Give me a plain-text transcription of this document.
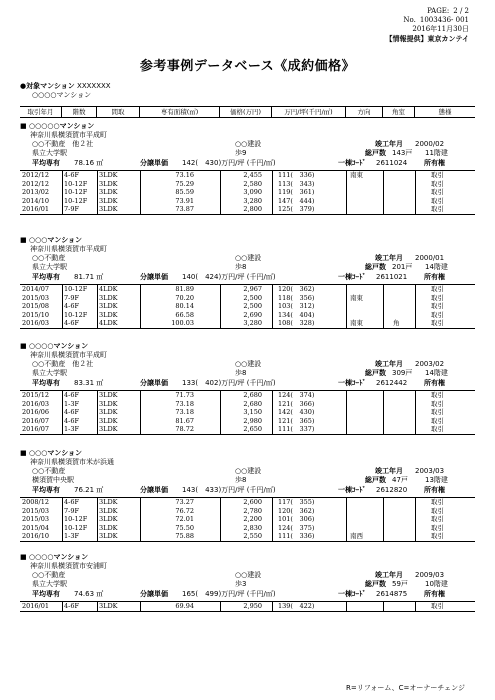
PAGE: 2 / 2
No. 1003436- 001
2016年11月30日
【情報提供】東京カンテイ
参考事例データベース《成約価格》
●対象マンション XXXXXXX
○○○○マンション
取引年月	階数	間取	専有面積(㎡)	価格(万円)	万円/坪(千円/㎡)	方向	角室	態様
■ ○○○○○マンション
神奈川県横須賀市平成町
○○不動産　他２社	○○建設	竣工年月 2000/02
県立大学駅	歩9	総戸数 143戸 11階建
平均専有 78.16 ㎡	分譲単価 142(　430)万円/坪 (千円/㎡)	一棟ｺｰﾄﾞ 2611024 所有権
2012/12 4-6F	3LDK	73.16	2,455 111(　336)	南東	取引
2012/12 10-12F 3LDK	75.29	2,580 113(　343)	取引
2013/02 10-12F 3LDK	85.59	3,090 119(　361)	取引
2014/10 10-12F 3LDK	73.91	3,280 147(　444)	取引
2016/01 7-9F	3LDK	73.87	2,800 125(　379)	取引
■ ○○○マンション
神奈川県横須賀市平成町
○○不動産	○○建設	竣工年月 2000/01
県立大学駅	歩8	総戸数 201戸 14階建
平均専有 81.71 ㎡	分譲単価 140(　424)万円/坪 (千円/㎡)	一棟ｺｰﾄﾞ 2611021 所有権
2014/07 10-12F 4LDK	81.89	2,967 120(　362)	取引
2015/03 7-9F	3LDK	70.20	2,500 118(　356)	南東	取引
2015/08 4-6F	3LDK	80.14	2,500 103(　312)	取引
2015/10 10-12F 3LDK	66.58	2,690 134(　404)	取引
2016/03 4-6F	4LDK	100.03	3,280 108(　328)	南東	角	取引
■ ○○○○マンション
神奈川県横須賀市平成町
○○不動産　他２社	○○建設	竣工年月 2003/02
県立大学駅	歩8	総戸数 309戸 14階建
平均専有 83.31 ㎡	分譲単価 133(　402)万円/坪 (千円/㎡)	一棟ｺｰﾄﾞ 2612442 所有権
2015/12 4-6F	3LDK	71.73	2,680 124(　374)	取引
2016/03 1-3F	3LDK	73.18	2,680 121(　366)	取引
2016/06 4-6F	3LDK	73.18	3,150 142(　430)	取引
2016/07 4-6F	3LDK	81.67	2,980 121(　365)	取引
2016/07 1-3F	3LDK	78.72	2,650 111(　337)	取引
■ ○○○マンション
神奈川県横須賀市米が浜通
○○不動産	○○建設	竣工年月 2003/03
横須賀中央駅	歩8	総戸数 47戸 13階建
平均専有 76.21 ㎡	分譲単価 143(　433)万円/坪 (千円/㎡)	一棟ｺｰﾄﾞ 2612820 所有権
2008/12 4-6F	3LDK	73.27	2,600 117(　355)	取引
2015/03 7-9F	3LDK	76.72	2,780 120(　362)	取引
2015/03 10-12F 3LDK	72.01	2,200 101(　306)	取引
2015/04 10-12F 3LDK	75.50	2,830 124(　375)	取引
2016/10 1-3F	3LDK	75.88	2,550 111(　336)	南西	取引
■ ○○○○マンション
神奈川県横須賀市安浦町
○○不動産	○○建設	竣工年月 2009/03
県立大学駅	歩3	総戸数 59戸 10階建
平均専有 74.63 ㎡	分譲単価 165(　499)万円/坪 (千円/㎡)	一棟ｺｰﾄﾞ 2614875 所有権
2016/01 4-6F	3LDK	69.94	2,950 139(　422)	取引
R=リフォーム、C=オーナーチェンジ
